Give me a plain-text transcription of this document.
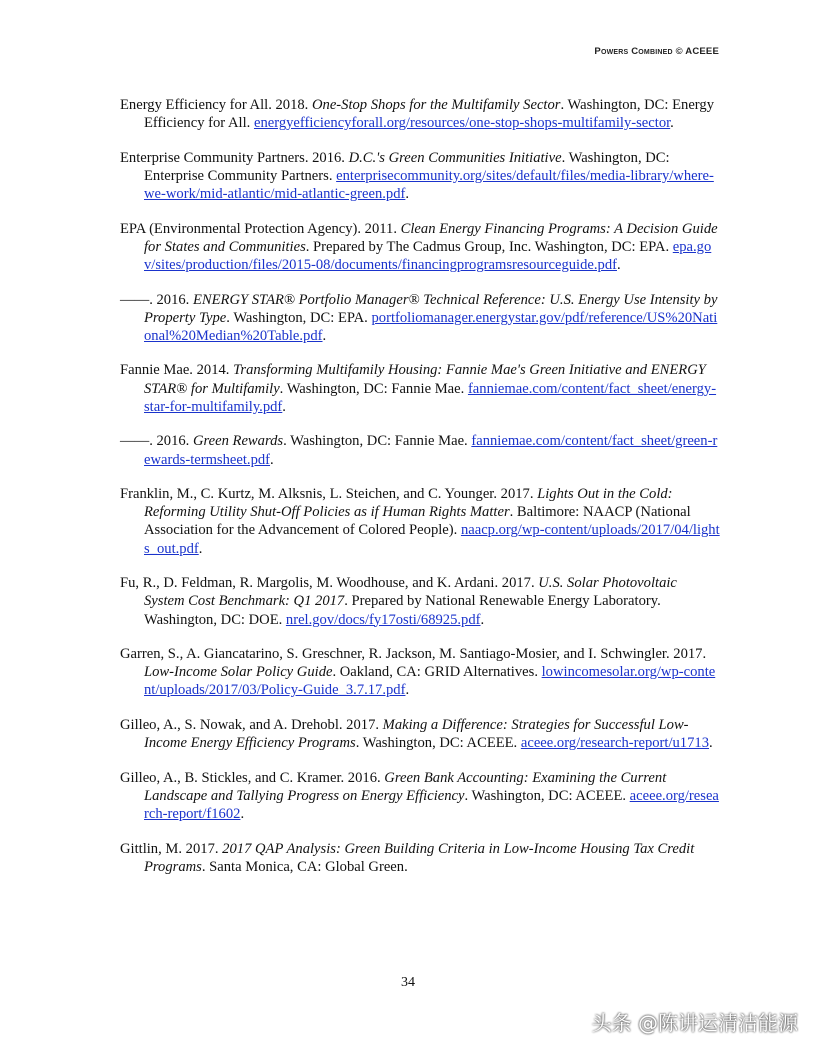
Powers Combined © ACEEE

Energy Efficiency for All. 2018. One-Stop Shops for the Multifamily Sector. Washington, DC: Energy Efficiency for All. energyefficiencyforall.org/resources/one-stop-shops-multifamily-sector.

Enterprise Community Partners. 2016. D.C.'s Green Communities Initiative. Washington, DC: Enterprise Community Partners. enterprisecommunity.org/sites/default/files/media-library/where-we-work/mid-atlantic/mid-atlantic-green.pdf.

EPA (Environmental Protection Agency). 2011. Clean Energy Financing Programs: A Decision Guide for States and Communities. Prepared by The Cadmus Group, Inc. Washington, DC: EPA. epa.gov/sites/production/files/2015-08/documents/financingprogramsresourceguide.pdf.

——. 2016. ENERGY STAR® Portfolio Manager® Technical Reference: U.S. Energy Use Intensity by Property Type. Washington, DC: EPA. portfoliomanager.energystar.gov/pdf/reference/US%20National%20Median%20Table.pdf.

Fannie Mae. 2014. Transforming Multifamily Housing: Fannie Mae's Green Initiative and ENERGY STAR® for Multifamily. Washington, DC: Fannie Mae. fanniemae.com/content/fact_sheet/energy-star-for-multifamily.pdf.

——. 2016. Green Rewards. Washington, DC: Fannie Mae. fanniemae.com/content/fact_sheet/green-rewards-termsheet.pdf.

Franklin, M., C. Kurtz, M. Alksnis, L. Steichen, and C. Younger. 2017. Lights Out in the Cold: Reforming Utility Shut-Off Policies as if Human Rights Matter. Baltimore: NAACP (National Association for the Advancement of Colored People). naacp.org/wp-content/uploads/2017/04/lights_out.pdf.

Fu, R., D. Feldman, R. Margolis, M. Woodhouse, and K. Ardani. 2017. U.S. Solar Photovoltaic System Cost Benchmark: Q1 2017. Prepared by National Renewable Energy Laboratory. Washington, DC: DOE. nrel.gov/docs/fy17osti/68925.pdf.

Garren, S., A. Giancatarino, S. Greschner, R. Jackson, M. Santiago-Mosier, and I. Schwingler. 2017. Low-Income Solar Policy Guide. Oakland, CA: GRID Alternatives. lowincomesolar.org/wp-content/uploads/2017/03/Policy-Guide_3.7.17.pdf.

Gilleo, A., S. Nowak, and A. Drehobl. 2017. Making a Difference: Strategies for Successful Low-Income Energy Efficiency Programs. Washington, DC: ACEEE. aceee.org/research-report/u1713.

Gilleo, A., B. Stickles, and C. Kramer. 2016. Green Bank Accounting: Examining the Current Landscape and Tallying Progress on Energy Efficiency. Washington, DC: ACEEE. aceee.org/research-report/f1602.

Gittlin, M. 2017. 2017 QAP Analysis: Green Building Criteria in Low-Income Housing Tax Credit Programs. Santa Monica, CA: Global Green.

34
头条 @陈讲运清洁能源
